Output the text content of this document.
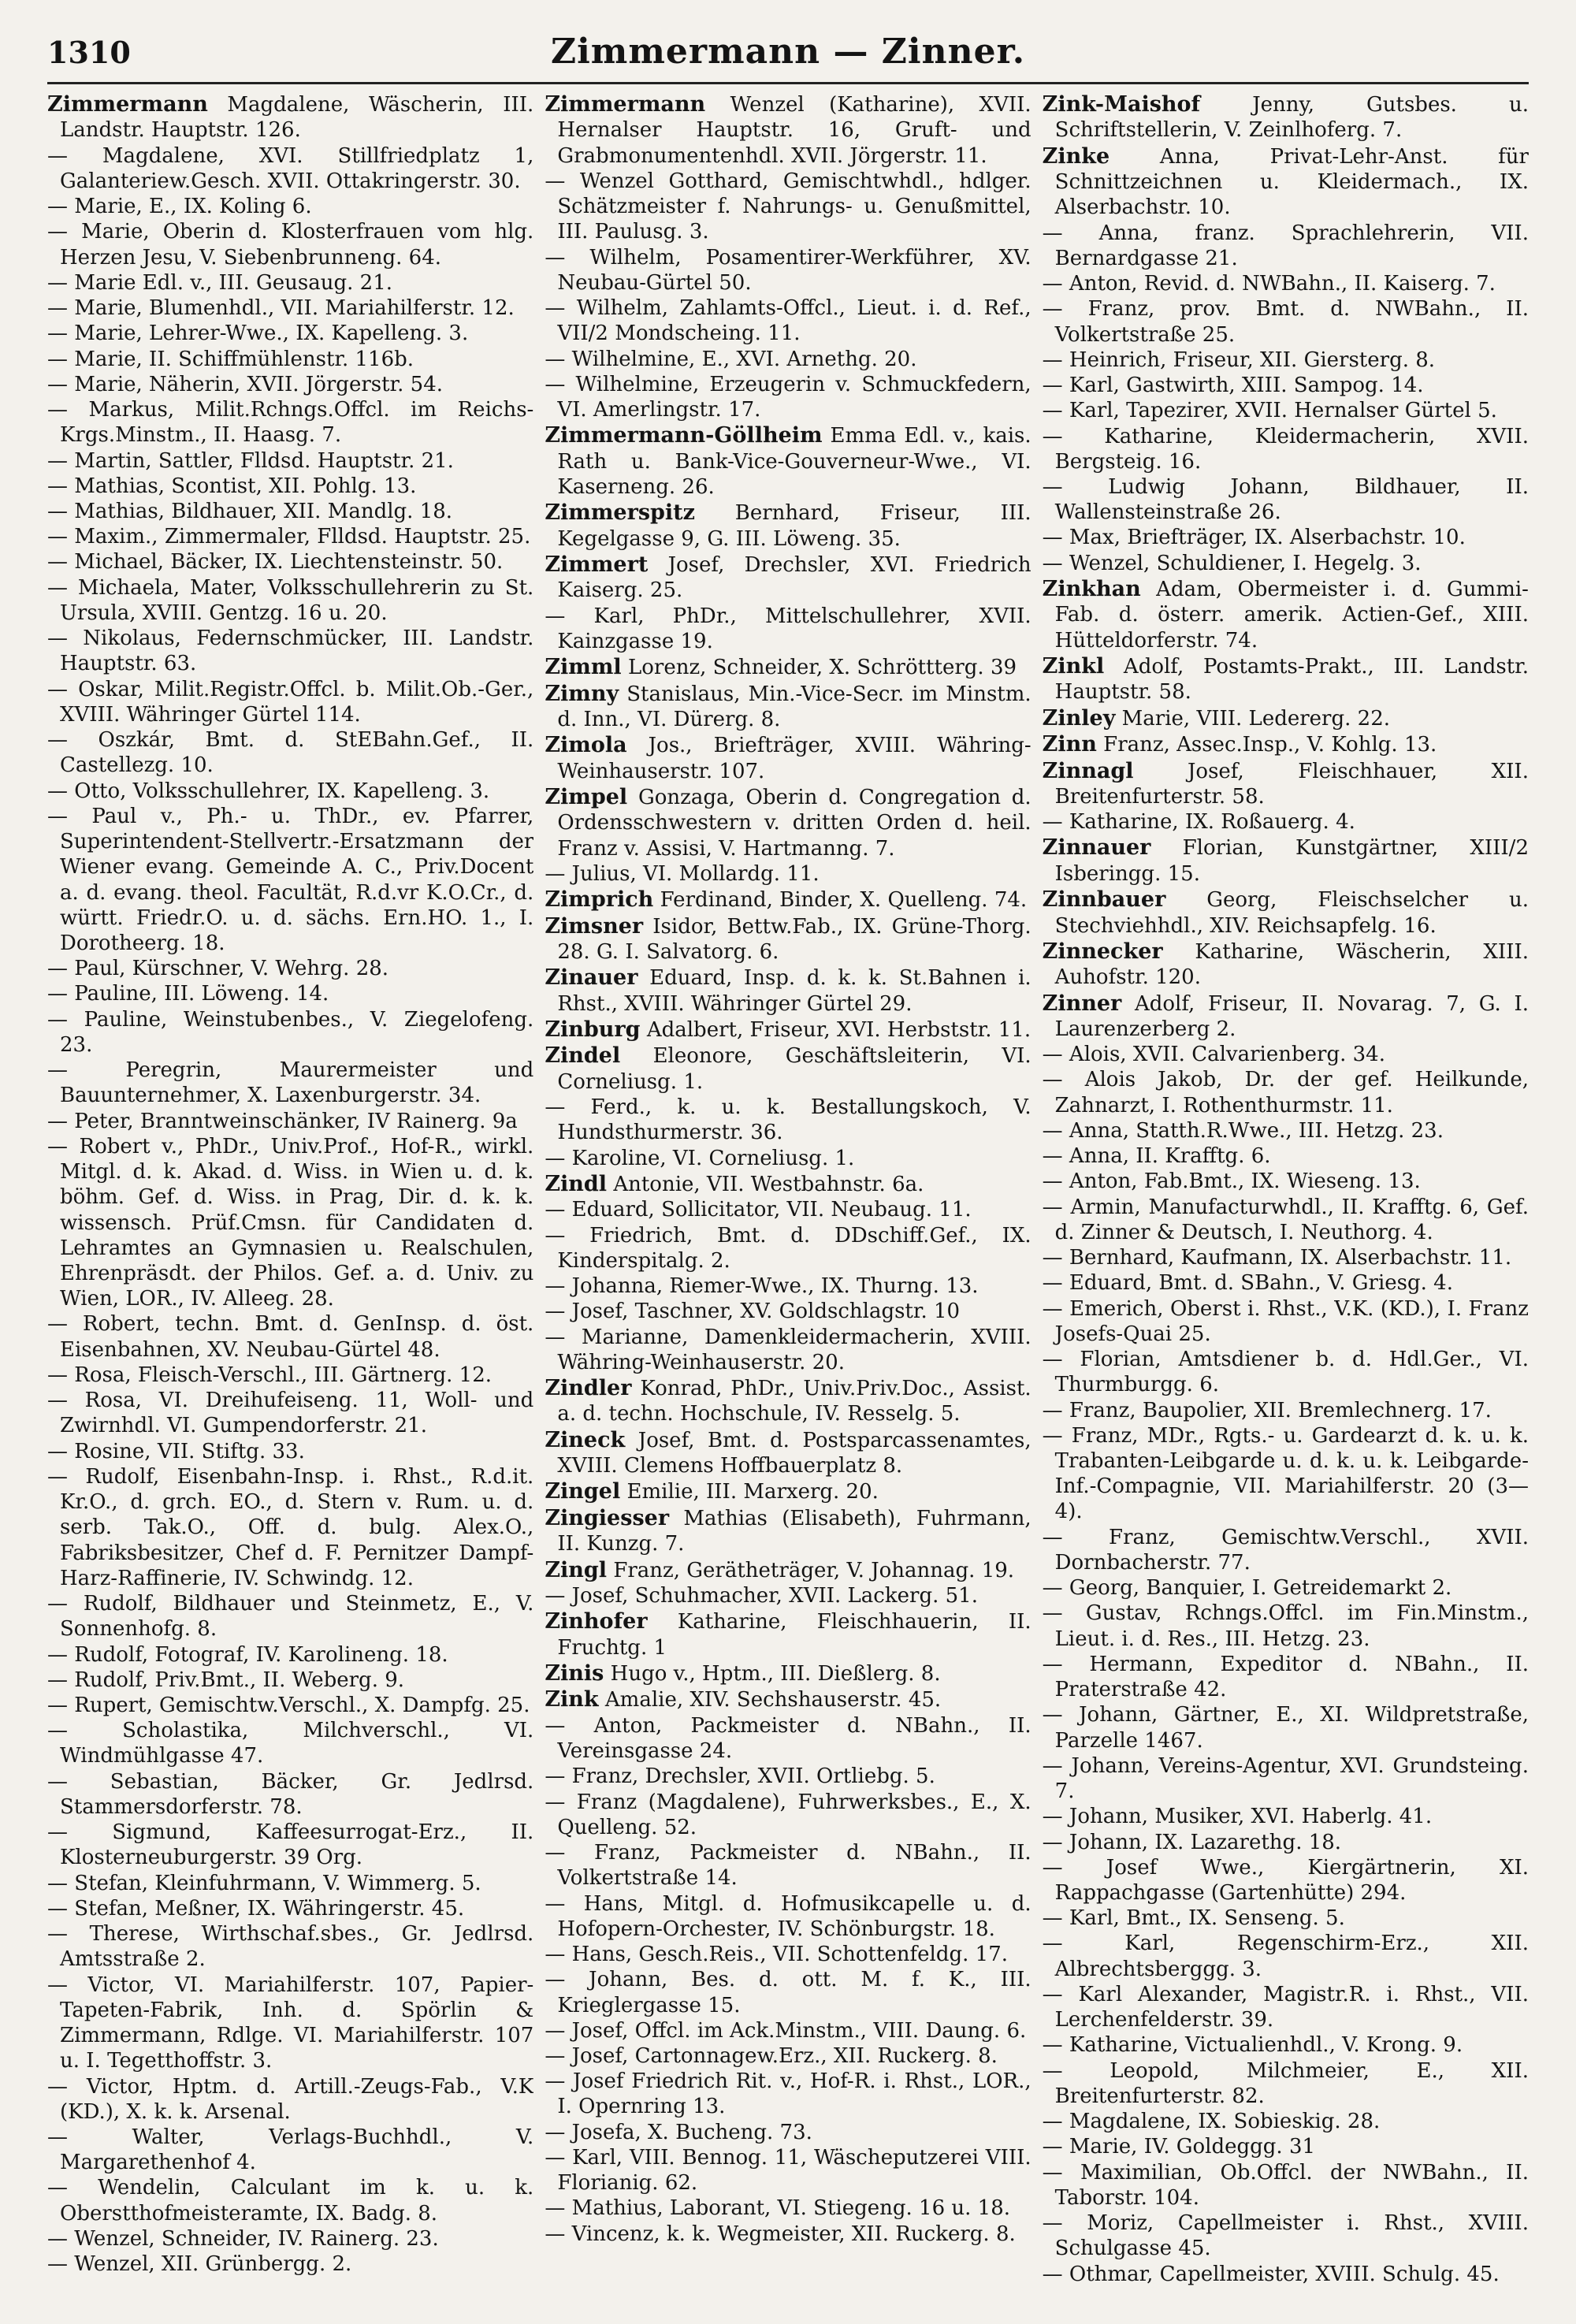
1310	Zimmermann — Zinner.

Zimmermann Magdalene, Wäscherin, III. Landstr. Hauptstr. 126.

— Magdalene, XVI. Stillfriedplatz 1, Galanteriew.Gesch. XVII. Ottakringerstr. 30.

— Marie, E., IX. Koling 6.

— Marie, Oberin d. Klosterfrauen vom hlg. Herzen Jesu, V. Siebenbrunneng. 64.

— Marie Edl. v., III. Geusaug. 21.

— Marie, Blumenhdl., VII. Mariahilferstr. 12.

— Marie, Lehrer-Wwe., IX. Kapelleng. 3.

— Marie, II. Schiffmühlenstr. 116b.

— Marie, Näherin, XVII. Jörgerstr. 54.

— Markus, Milit.Rchngs.Offcl. im Reichs-Krgs.Minstm., II. Haasg. 7.

— Martin, Sattler, Flldsd. Hauptstr. 21.

— Mathias, Scontist, XII. Pohlg. 13.

— Mathias, Bildhauer, XII. Mandlg. 18.

— Maxim., Zimmermaler, Flldsd. Hauptstr. 25.

— Michael, Bäcker, IX. Liechtensteinstr. 50.

— Michaela, Mater, Volksschullehrerin zu St. Ursula, XVIII. Gentzg. 16 u. 20.

— Nikolaus, Federnschmücker, III. Landstr. Hauptstr. 63.

— Oskar, Milit.Registr.Offcl. b. Milit.Ob.-Ger., XVIII. Währinger Gürtel 114.

— Oszkár, Bmt. d. StEBahn.Gef., II. Castellezg. 10.

— Otto, Volksschullehrer, IX. Kapelleng. 3.

— Paul v., Ph.- u. ThDr., ev. Pfarrer, Superintendent-Stellvertr.-Ersatzmann der Wiener evang. Gemeinde A. C., Priv.Docent a. d. evang. theol. Facultät, R.d.vr K.O.Cr., d. württ. Friedr.O. u. d. sächs. Ern.HO. 1., I. Dorotheerg. 18.

— Paul, Kürschner, V. Wehrg. 28.

— Pauline, III. Löweng. 14.

— Pauline, Weinstubenbes., V. Ziegelofeng. 23.

— Peregrin, Maurermeister und Bauunternehmer, X. Laxenburgerstr. 34.

— Peter, Branntweinschänker, IV Rainerg. 9a

— Robert v., PhDr., Univ.Prof., Hof-R., wirkl. Mitgl. d. k. Akad. d. Wiss. in Wien u. d. k. böhm. Gef. d. Wiss. in Prag, Dir. d. k. k. wissensch. Prüf.Cmsn. für Candidaten d. Lehramtes an Gymnasien u. Realschulen, Ehrenpräsdt. der Philos. Gef. a. d. Univ. zu Wien, LOR., IV. Alleeg. 28.

— Robert, techn. Bmt. d. GenInsp. d. öst. Eisenbahnen, XV. Neubau-Gürtel 48.

— Rosa, Fleisch-Verschl., III. Gärtnerg. 12.

— Rosa, VI. Dreihufeiseng. 11, Woll- und Zwirnhdl. VI. Gumpendorferstr. 21.

— Rosine, VII. Stiftg. 33.

— Rudolf, Eisenbahn-Insp. i. Rhst., R.d.it. Kr.O., d. grch. EO., d. Stern v. Rum. u. d. serb. Tak.O., Off. d. bulg. Alex.O., Fabriksbesitzer, Chef d. F. Pernitzer Dampf-Harz-Raffinerie, IV. Schwindg. 12.

— Rudolf, Bildhauer und Steinmetz, E., V. Sonnenhofg. 8.

— Rudolf, Fotograf, IV. Karolineng. 18.

— Rudolf, Priv.Bmt., II. Weberg. 9.

— Rupert, Gemischtw.Verschl., X. Dampfg. 25.

— Scholastika, Milchverschl., VI. Windmühlgasse 47.

— Sebastian, Bäcker, Gr. Jedlrsd. Stammersdorferstr. 78.

— Sigmund, Kaffeesurrogat-Erz., II. Klosterneuburgerstr. 39 Org.

— Stefan, Kleinfuhrmann, V. Wimmerg. 5.

— Stefan, Meßner, IX. Währingerstr. 45.

— Therese, Wirthschaf.sbes., Gr. Jedlrsd. Amtsstraße 2.

— Victor, VI. Mariahilferstr. 107, Papier-Tapeten-Fabrik, Inh. d. Spörlin & Zimmermann, Rdlge. VI. Mariahilferstr. 107 u. I. Tegetthoffstr. 3.

— Victor, Hptm. d. Artill.-Zeugs-Fab., V.K (KD.), X. k. k. Arsenal.

— Walter, Verlags-Buchhdl., V. Margarethenhof 4.

— Wendelin, Calculant im k. u. k. Oberstthofmeisteramte, IX. Badg. 8.

— Wenzel, Schneider, IV. Rainerg. 23.

— Wenzel, XII. Grünbergg. 2.

Zimmermann Wenzel (Katharine), XVII. Hernalser Hauptstr. 16, Gruft- und Grabmonumentenhdl. XVII. Jörgerstr. 11.

— Wenzel Gotthard, Gemischtwhdl., hdlger. Schätzmeister f. Nahrungs- u. Genußmittel, III. Paulusg. 3.

— Wilhelm, Posamentirer-Werkführer, XV. Neubau-Gürtel 50.

— Wilhelm, Zahlamts-Offcl., Lieut. i. d. Ref., VII/2 Mondscheing. 11.

— Wilhelmine, E., XVI. Arnethg. 20.

— Wilhelmine, Erzeugerin v. Schmuckfedern, VI. Amerlingstr. 17.

Zimmermann-Göllheim Emma Edl. v., kais. Rath u. Bank-Vice-Gouverneur-Wwe., VI. Kaserneng. 26.

Zimmerspitz Bernhard, Friseur, III. Kegelgasse 9, G. III. Löweng. 35.

Zimmert Josef, Drechsler, XVI. Friedrich Kaiserg. 25.

— Karl, PhDr., Mittelschullehrer, XVII. Kainzgasse 19.

Zimml Lorenz, Schneider, X. Schröttterg. 39

Zimny Stanislaus, Min.-Vice-Secr. im Minstm. d. Inn., VI. Dürerg. 8.

Zimola Jos., Briefträger, XVIII. Währing-Weinhauserstr. 107.

Zimpel Gonzaga, Oberin d. Congregation d. Ordensschwestern v. dritten Orden d. heil. Franz v. Assisi, V. Hartmanng. 7.

— Julius, VI. Mollardg. 11.

Zimprich Ferdinand, Binder, X. Quelleng. 74.

Zimsner Isidor, Bettw.Fab., IX. Grüne-Thorg. 28. G. I. Salvatorg. 6.

Zinauer Eduard, Insp. d. k. k. St.Bahnen i. Rhst., XVIII. Währinger Gürtel 29.

Zinburg Adalbert, Friseur, XVI. Herbststr. 11.

Zindel Eleonore, Geschäftsleiterin, VI. Corneliusg. 1.

— Ferd., k. u. k. Bestallungskoch, V. Hundsthurmerstr. 36.

— Karoline, VI. Corneliusg. 1.

Zindl Antonie, VII. Westbahnstr. 6a.

— Eduard, Sollicitator, VII. Neubaug. 11.

— Friedrich, Bmt. d. DDschiff.Gef., IX. Kinderspitalg. 2.

— Johanna, Riemer-Wwe., IX. Thurng. 13.

— Josef, Taschner, XV. Goldschlagstr. 10

— Marianne, Damenkleidermacherin, XVIII. Währing-Weinhauserstr. 20.

Zindler Konrad, PhDr., Univ.Priv.Doc., Assist. a. d. techn. Hochschule, IV. Resselg. 5.

Zineck Josef, Bmt. d. Postsparcassenamtes, XVIII. Clemens Hoffbauerplatz 8.

Zingel Emilie, III. Marxerg. 20.

Zingiesser Mathias (Elisabeth), Fuhrmann, II. Kunzg. 7.

Zingl Franz, Gerätheträger, V. Johannag. 19.

— Josef, Schuhmacher, XVII. Lackerg. 51.

Zinhofer Katharine, Fleischhauerin, II. Fruchtg. 1

Zinis Hugo v., Hptm., III. Dießlerg. 8.

Zink Amalie, XIV. Sechshauserstr. 45.

— Anton, Packmeister d. NBahn., II. Vereinsgasse 24.

— Franz, Drechsler, XVII. Ortliebg. 5.

— Franz (Magdalene), Fuhrwerksbes., E., X. Quelleng. 52.

— Franz, Packmeister d. NBahn., II. Volkertstraße 14.

— Hans, Mitgl. d. Hofmusikcapelle u. d. Hofopern-Orchester, IV. Schönburgstr. 18.

— Hans, Gesch.Reis., VII. Schottenfeldg. 17.

— Johann, Bes. d. ott. M. f. K., III. Krieglergasse 15.

— Josef, Offcl. im Ack.Minstm., VIII. Daung. 6.

— Josef, Cartonnagew.Erz., XII. Ruckerg. 8.

— Josef Friedrich Rit. v., Hof-R. i. Rhst., LOR., I. Opernring 13.

— Josefa, X. Bucheng. 73.

— Karl, VIII. Bennog. 11, Wäscheputzerei VIII. Florianig. 62.

— Mathius, Laborant, VI. Stiegeng. 16 u. 18.

— Vincenz, k. k. Wegmeister, XII. Ruckerg. 8.

Zink-Maishof	Jenny, Gutsbes. u. Schriftstellerin, V. Zeinlhoferg. 7.

Zinke Anna, Privat-Lehr-Anst. für Schnittzeichnen u. Kleidermach., IX. Alserbachstr. 10.

— Anna, franz. Sprachlehrerin, VII. Bernardgasse 21.

— Anton, Revid. d. NWBahn., II. Kaiserg. 7.

— Franz, prov. Bmt. d. NWBahn., II. Volkertstraße 25.

— Heinrich, Friseur, XII. Giersterg. 8.

— Karl, Gastwirth, XIII. Sampog. 14.

— Karl, Tapezirer, XVII. Hernalser Gürtel 5.

— Katharine, Kleidermacherin, XVII. Bergsteig. 16.

— Ludwig Johann, Bildhauer, II. Wallensteinstraße 26.

— Max, Briefträger, IX. Alserbachstr. 10.

— Wenzel, Schuldiener, I. Hegelg. 3.

Zinkhan Adam, Obermeister i. d. Gummi-Fab. d. österr. amerik. Actien-Gef., XIII. Hütteldorferstr. 74.

Zinkl Adolf, Postamts-Prakt., III. Landstr. Hauptstr. 58.

Zinley Marie, VIII. Ledererg. 22.

Zinn Franz, Assec.Insp., V. Kohlg. 13.

Zinnagl	Josef, Fleischhauer, XII. Breitenfurterstr. 58.

— Katharine, IX. Roßauerg. 4.

Zinnauer Florian, Kunstgärtner, XIII/2 Isberingg. 15.

Zinnbauer Georg, Fleischselcher u. Stechviehhdl., XIV. Reichsapfelg. 16.

Zinnecker Katharine, Wäscherin, XIII. Auhofstr. 120.

Zinner Adolf, Friseur, II. Novarag. 7, G. I. Laurenzerberg 2.

— Alois, XVII. Calvarienberg. 34.

— Alois Jakob, Dr. der gef. Heilkunde, Zahnarzt, I. Rothenthurmstr. 11.

— Anna, Statth.R.Wwe., III. Hetzg. 23.

— Anna, II. Krafftg. 6.

— Anton, Fab.Bmt., IX. Wieseng. 13.

— Armin, Manufacturwhdl., II. Krafftg. 6, Gef. d. Zinner & Deutsch, I. Neuthorg. 4.

— Bernhard, Kaufmann, IX. Alserbachstr. 11.

— Eduard, Bmt. d. SBahn., V. Griesg. 4.

— Emerich, Oberst i. Rhst., V.K. (KD.), I. Franz Josefs-Quai 25.

— Florian, Amtsdiener b. d. Hdl.Ger., VI. Thurmburgg. 6.

— Franz, Baupolier, XII. Bremlechnerg. 17.

— Franz, MDr., Rgts.- u. Gardearzt d. k. u. k. Trabanten-Leibgarde u. d. k. u. k. Leibgarde-Inf.-Compagnie, VII. Mariahilferstr. 20 (3—4).

— Franz, Gemischtw.Verschl., XVII. Dornbacherstr. 77.

— Georg, Banquier, I. Getreidemarkt 2.

— Gustav, Rchngs.Offcl. im Fin.Minstm., Lieut. i. d. Res., III. Hetzg. 23.

— Hermann, Expeditor d. NBahn., II. Praterstraße 42.

— Johann, Gärtner, E., XI. Wildpretstraße, Parzelle 1467.

— Johann, Vereins-Agentur, XVI. Grundsteing. 7.

— Johann, Musiker, XVI. Haberlg. 41.

— Johann, IX. Lazarethg. 18.

— Josef Wwe., Kiergärtnerin, XI. Rappachgasse (Gartenhütte) 294.

— Karl, Bmt., IX. Senseng. 5.

— Karl, Regenschirm-Erz., XII. Albrechtsberggg. 3.

— Karl Alexander, Magistr.R. i. Rhst., VII. Lerchenfelderstr. 39.

— Katharine, Victualienhdl., V. Krong. 9.

— Leopold, Milchmeier, E., XII. Breitenfurterstr. 82.

— Magdalene, IX. Sobieskig. 28.

— Marie, IV. Goldeggg. 31

— Maximilian, Ob.Offcl. der NWBahn., II. Taborstr. 104.

— Moriz, Capellmeister i. Rhst., XVIII. Schulgasse 45.

— Othmar, Capellmeister, XVIII. Schulg. 45.
